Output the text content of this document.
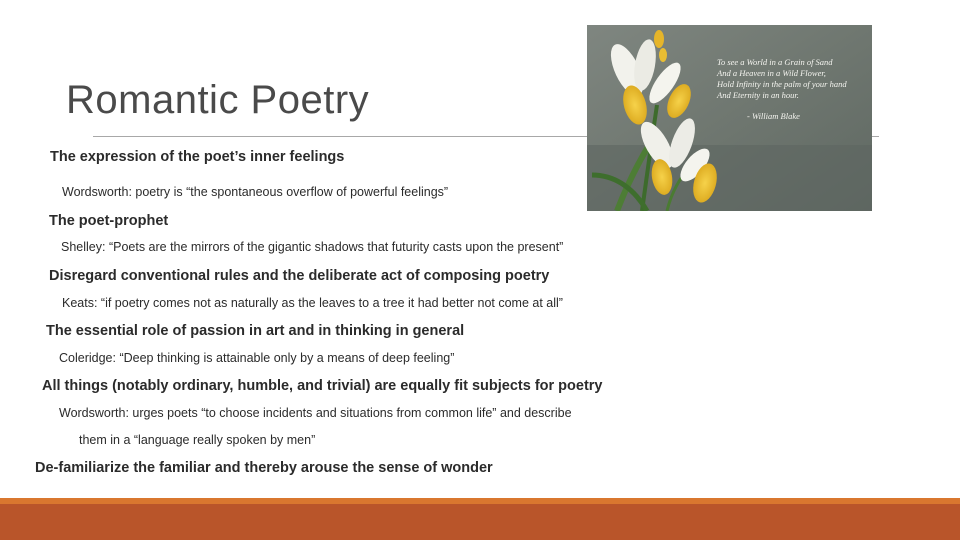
Romantic Poetry
To see a World in a Grain of Sand
And a Heaven in a Wild Flower,
Hold Infinity in the palm of your hand
And Eternity in an hour.
- William Blake
The expression of the poet’s inner feelings
Wordsworth: poetry is “the spontaneous overflow of powerful feelings”
The poet-prophet
Shelley: “Poets are the mirrors of the gigantic shadows that futurity casts upon the present”
Disregard conventional rules and the deliberate act of composing poetry
Keats: “if poetry comes not as naturally as the leaves to a tree it had better not come at all”
The essential role of passion in art and in thinking in general
Coleridge: “Deep thinking is attainable only by a means of deep feeling”
All things (notably ordinary, humble, and trivial) are equally fit subjects for poetry
Wordsworth: urges poets “to choose incidents and situations from common life” and describe
them in a “language really spoken by men”
De-familiarize the familiar and thereby arouse the sense of wonder
